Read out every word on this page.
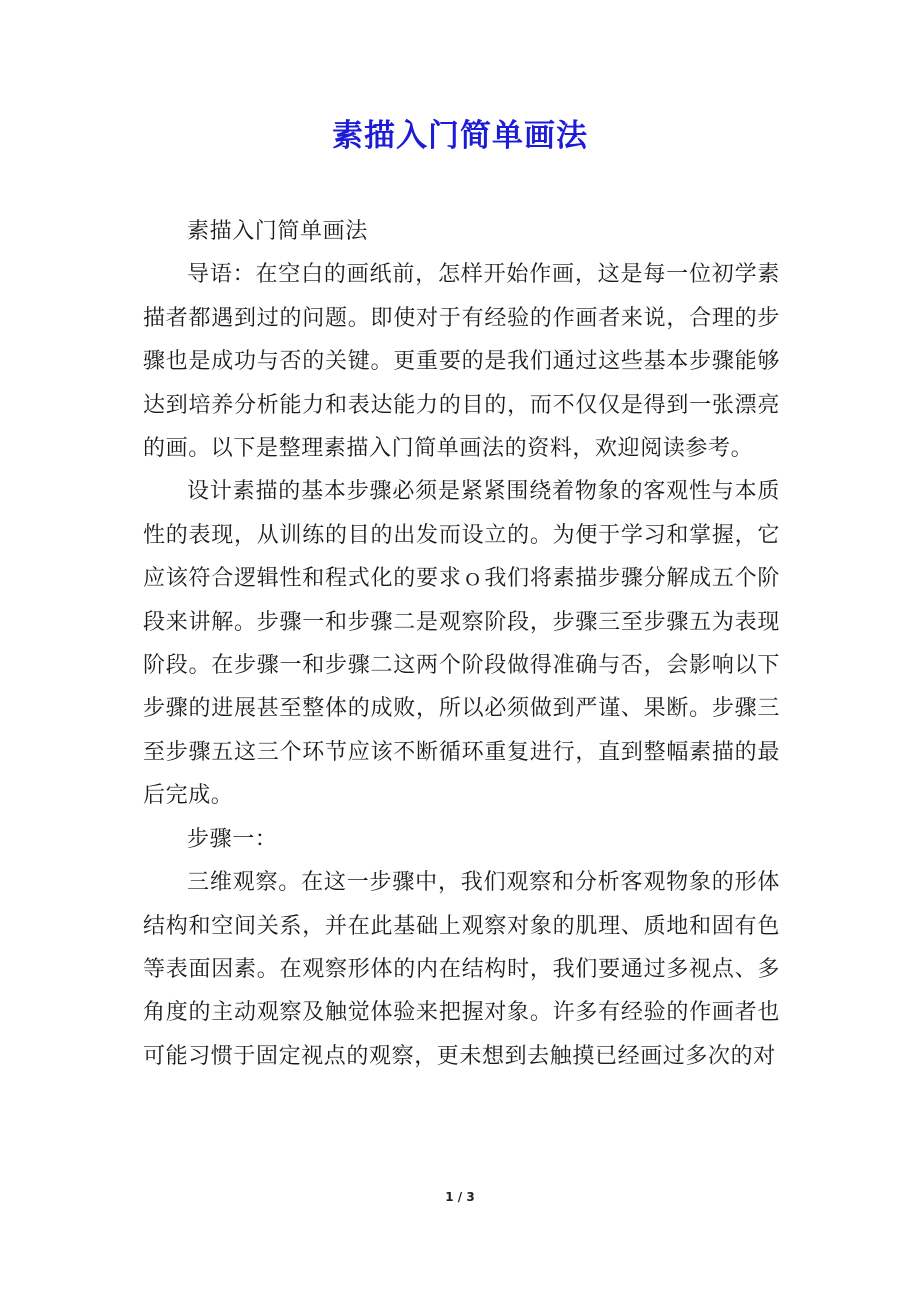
素描入门简单画法

素描入门简单画法

导语：在空白的画纸前，怎样开始作画，这是每一位初学素描者都遇到过的问题。即使对于有经验的作画者来说，合理的步骤也是成功与否的关键。更重要的是我们通过这些基本步骤能够达到培养分析能力和表达能力的目的，而不仅仅是得到一张漂亮的画。以下是整理素描入门简单画法的资料，欢迎阅读参考。

设计素描的基本步骤必须是紧紧围绕着物象的客观性与本质性的表现，从训练的目的出发而设立的。为便于学习和掌握，它应该符合逻辑性和程式化的要求ｏ我们将素描步骤分解成五个阶段来讲解。步骤一和步骤二是观察阶段，步骤三至步骤五为表现阶段。在步骤一和步骤二这两个阶段做得准确与否，会影响以下步骤的进展甚至整体的成败，所以必须做到严谨、果断。步骤三至步骤五这三个环节应该不断循环重复进行，直到整幅素描的最后完成。

步骤一：

三维观察。在这一步骤中，我们观察和分析客观物象的形体结构和空间关系，并在此基础上观察对象的肌理、质地和固有色等表面因素。在观察形体的内在结构时，我们要通过多视点、多角度的主动观察及触觉体验来把握对象。许多有经验的作画者也可能习惯于固定视点的观察，更未想到去触摸已经画过多次的对

1 / 3
